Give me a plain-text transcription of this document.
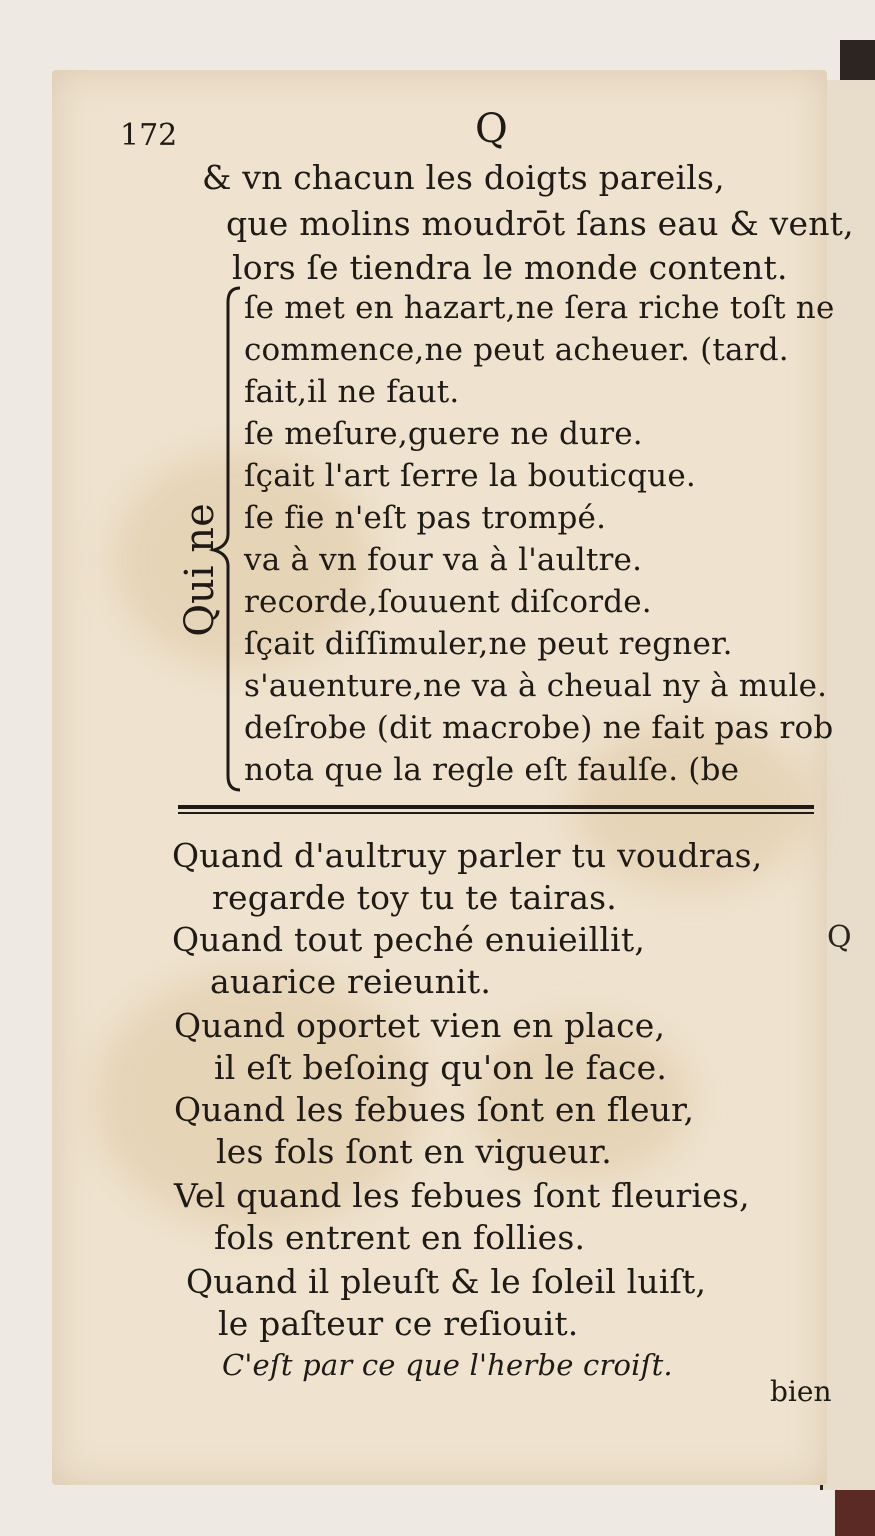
Q
172	Q
& vn chacun les doigts pareils,
que molins moudrōt ſans eau & vent,
lors ſe tiendra le monde content.
Qui ne
ſe met en hazart,ne ſera riche toſt ne
commence,ne peut acheuer. (tard.
fait,il ne faut.
ſe meſure,guere ne dure.
ſçait l'art ſerre la bouticque.
ſe fie n'eſt pas trompé.
va à vn four va à l'aultre.
recorde,ſouuent diſcorde.
ſçait diſſimuler,ne peut regner.
s'auenture,ne va à cheual ny à mule.
deſrobe (dit macrobe) ne fait pas rob
nota que la regle eſt faulſe. (be
Quand d'aultruy parler tu voudras,
regarde toy tu te tairas.
Quand tout peché enuieillit,
auarice reieunit.
Quand oportet vien en place,
il eſt beſoing qu'on le face.
Quand les febues ſont en fleur,
les fols ſont en vigueur.
Vel quand les febues ſont fleuries,
fols entrent en follies.
Quand il pleuſt & le ſoleil luiſt,
le paſteur ce reſiouit.
C'eſt par ce que l'herbe croiſt.
bien
